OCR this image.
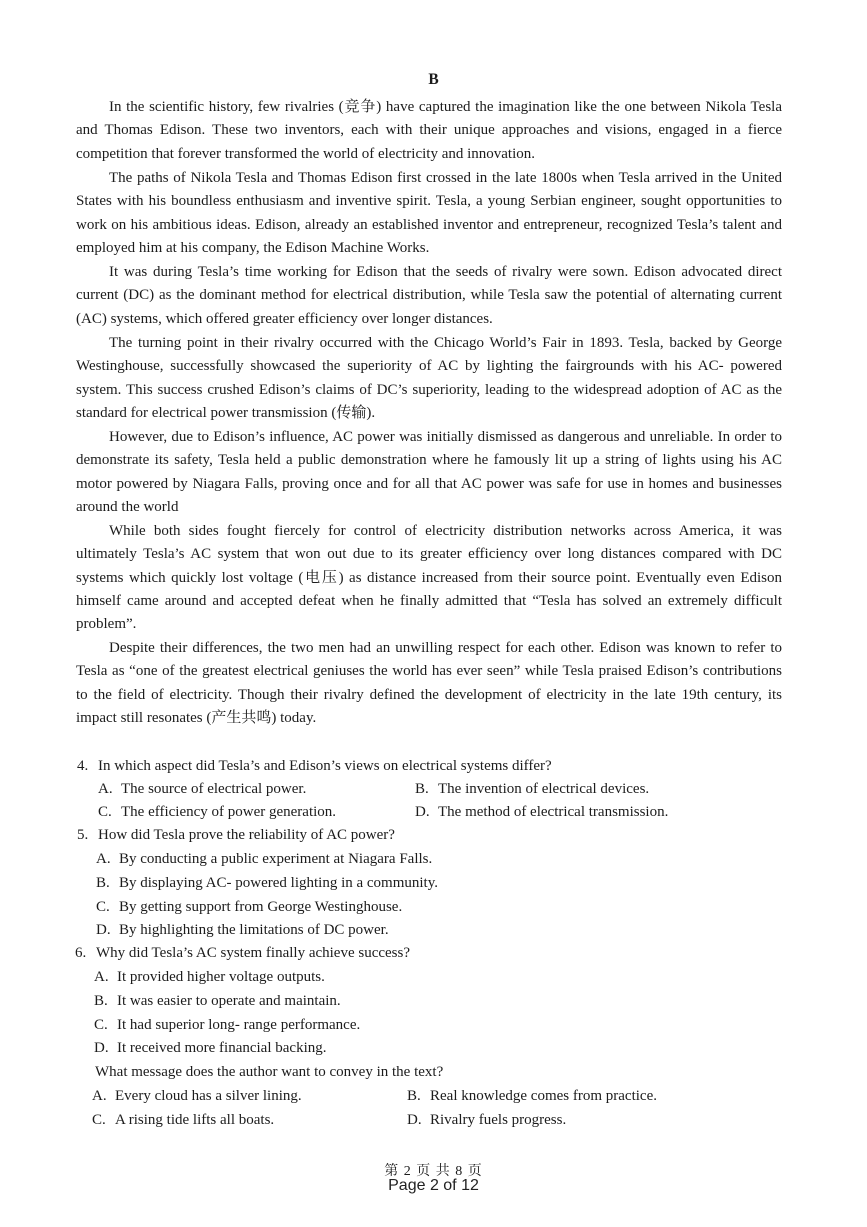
B

In the scientific history, few rivalries (竞争) have captured the imagination like the one between Nikola Tesla and Thomas Edison. These two inventors, each with their unique approaches and visions, engaged in a fierce competition that forever transformed the world of electricity and innovation.

The paths of Nikola Tesla and Thomas Edison first crossed in the late 1800s when Tesla arrived in the United States with his boundless enthusiasm and inventive spirit. Tesla, a young Serbian engineer, sought opportunities to work on his ambitious ideas. Edison, already an established inventor and entrepreneur, recognized Tesla’s talent and employed him at his company, the Edison Machine Works.

It was during Tesla’s time working for Edison that the seeds of rivalry were sown. Edison advocated direct current (DC) as the dominant method for electrical distribution, while Tesla saw the potential of alternating current (AC) systems, which offered greater efficiency over longer distances.

The turning point in their rivalry occurred with the Chicago World’s Fair in 1893. Tesla, backed by George Westinghouse, successfully showcased the superiority of AC by lighting the fairgrounds with his AC- powered system. This success crushed Edison’s claims of DC’s superiority, leading to the widespread adoption of AC as the standard for electrical power transmission (传输).

However, due to Edison’s influence, AC power was initially dismissed as dangerous and unreliable. In order to demonstrate its safety, Tesla held a public demonstration where he famously lit up a string of lights using his AC motor powered by Niagara Falls, proving once and for all that AC power was safe for use in homes and businesses around the world

While both sides fought fiercely for control of electricity distribution networks across America, it was ultimately Tesla’s AC system that won out due to its greater efficiency over long distances compared with DC systems which quickly lost voltage (电压) as distance increased from their source point. Eventually even Edison himself came around and accepted defeat when he finally admitted that “Tesla has solved an extremely difficult problem”.

Despite their differences, the two men had an unwilling respect for each other. Edison was known to refer to Tesla as “one of the greatest electrical geniuses the world has ever seen” while Tesla praised Edison’s contributions to the field of electricity. Though their rivalry defined the development of electricity in the late 19th century, its impact still resonates (产生共鸣) today.

4. In which aspect did Tesla’s and Edison’s views on electrical systems differ?
A. The source of electrical power.	B. The invention of electrical devices.
C. The efficiency of power generation.	D. The method of electrical transmission.
5. How did Tesla prove the reliability of AC power?
A. By conducting a public experiment at Niagara Falls.
B. By displaying AC- powered lighting in a community.
C. By getting support from George Westinghouse.
D. By highlighting the limitations of DC power.
6. Why did Tesla’s AC system finally achieve success?
A. It provided higher voltage outputs.
B. It was easier to operate and maintain.
C. It had superior long- range performance.
D. It received more financial backing.
What message does the author want to convey in the text?
A. Every cloud has a silver lining.	B. Real knowledge comes from practice.
C. A rising tide lifts all boats.	D. Rivalry fuels progress.
第 2 页 共 8 页
Page 2 of 12
